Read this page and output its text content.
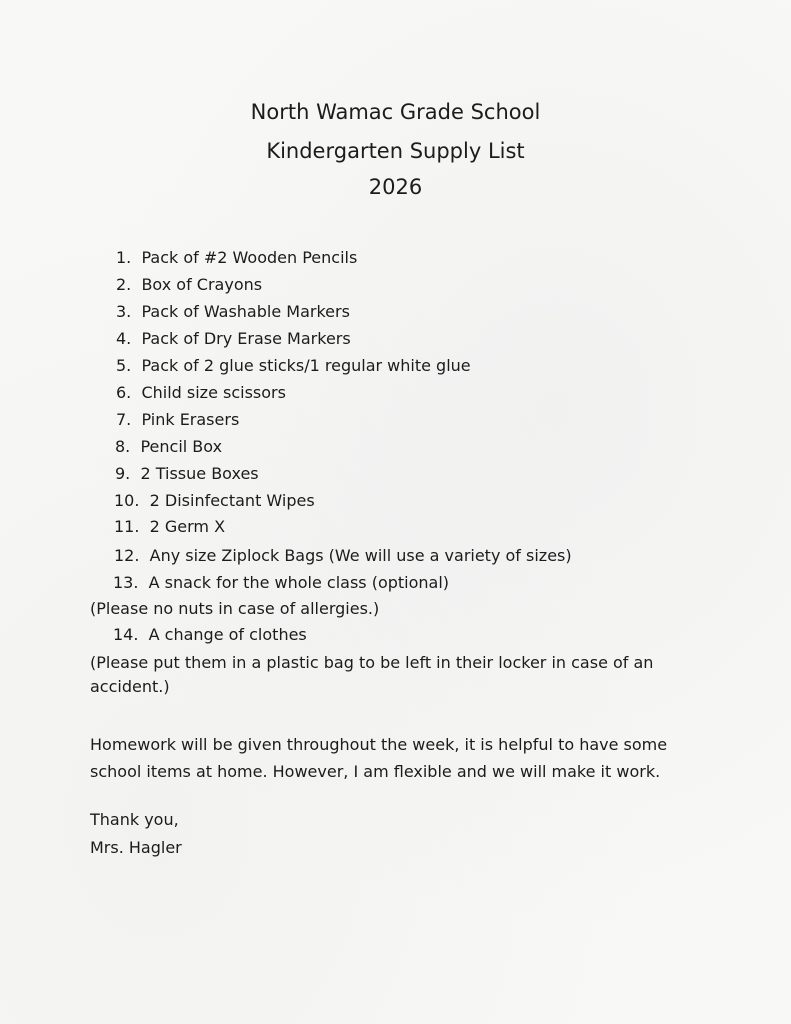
North Wamac Grade School
Kindergarten Supply List
2026
1.  Pack of #2 Wooden Pencils
2.  Box of Crayons
3.  Pack of Washable Markers
4.  Pack of Dry Erase Markers
5.  Pack of 2 glue sticks/1 regular white glue
6.  Child size scissors
7.  Pink Erasers
8.  Pencil Box
9.  2 Tissue Boxes
10.  2 Disinfectant Wipes
11.  2 Germ X
12.  Any size Ziplock Bags (We will use a variety of sizes)
13.  A snack for the whole class (optional)
(Please no nuts in case of allergies.)
14.  A change of clothes
(Please put them in a plastic bag to be left in their locker in case of an
accident.)
Homework will be given throughout the week, it is helpful to have some
school items at home. However, I am flexible and we will make it work.
Thank you,
Mrs. Hagler
